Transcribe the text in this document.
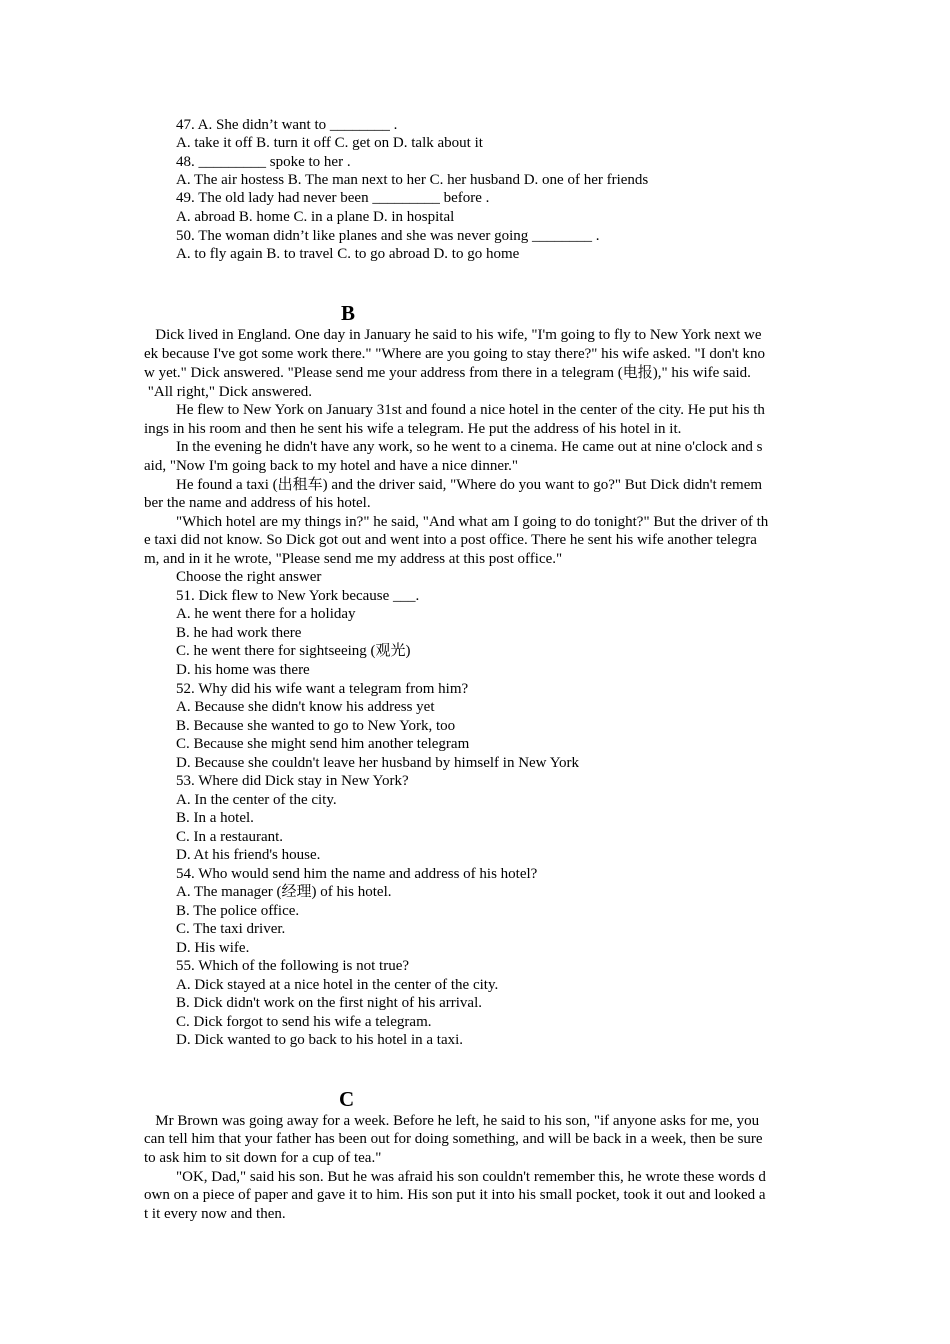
47. A. She didn’t want to ________ .
A. take it off B. turn it off C. get on D. talk about it
48. _________ spoke to her .
A. The air hostess B. The man next to her C. her husband D. one of her friends
49. The old lady had never been _________ before .
A. abroad B. home C. in a plane D. in hospital
50. The woman didn’t like planes and she was never going ________ .
A. to fly again B. to travel C. to go abroad D. to go home
B
Dick lived in England. One day in January he said to his wife, "I'm going to fly to New York next we
ek because I've got some work there." "Where are you going to stay there?" his wife asked. "I don't kno
w yet." Dick answered. "Please send me your address from there in a telegram (电报)," his wife said.
"All right," Dick answered.
He flew to New York on January 31st and found a nice hotel in the center of the city. He put his th
ings in his room and then he sent his wife a telegram. He put the address of his hotel in it.
In the evening he didn't have any work, so he went to a cinema. He came out at nine o'clock and s
aid, "Now I'm going back to my hotel and have a nice dinner."
He found a taxi (出租车) and the driver said, "Where do you want to go?" But Dick didn't remem
ber the name and address of his hotel.
"Which hotel are my things in?" he said, "And what am I going to do tonight?" But the driver of th
e taxi did not know. So Dick got out and went into a post office. There he sent his wife another telegra
m, and in it he wrote, "Please send me my address at this post office."
Choose the right answer
51. Dick flew to New York because ___.
A. he went there for a holiday
B. he had work there
C. he went there for sightseeing (观光)
D. his home was there
52. Why did his wife want a telegram from him?
A. Because she didn't know his address yet
B. Because she wanted to go to New York, too
C. Because she might send him another telegram
D. Because she couldn't leave her husband by himself in New York
53. Where did Dick stay in New York?
A. In the center of the city.
B. In a hotel.
C. In a restaurant.
D. At his friend's house.
54. Who would send him the name and address of his hotel?
A. The manager (经理) of his hotel.
B. The police office.
C. The taxi driver.
D. His wife.
55. Which of the following is not true?
A. Dick stayed at a nice hotel in the center of the city.
B. Dick didn't work on the first night of his arrival.
C. Dick forgot to send his wife a telegram.
D. Dick wanted to go back to his hotel in a taxi.
C
Mr Brown was going away for a week. Before he left, he said to his son, "if anyone asks for me, you
can tell him that your father has been out for doing something, and will be back in a week, then be sure
to ask him to sit down for a cup of tea."
"OK, Dad," said his son. But he was afraid his son couldn't remember this, he wrote these words d
own on a piece of paper and gave it to him. His son put it into his small pocket, took it out and looked a
t it every now and then.
